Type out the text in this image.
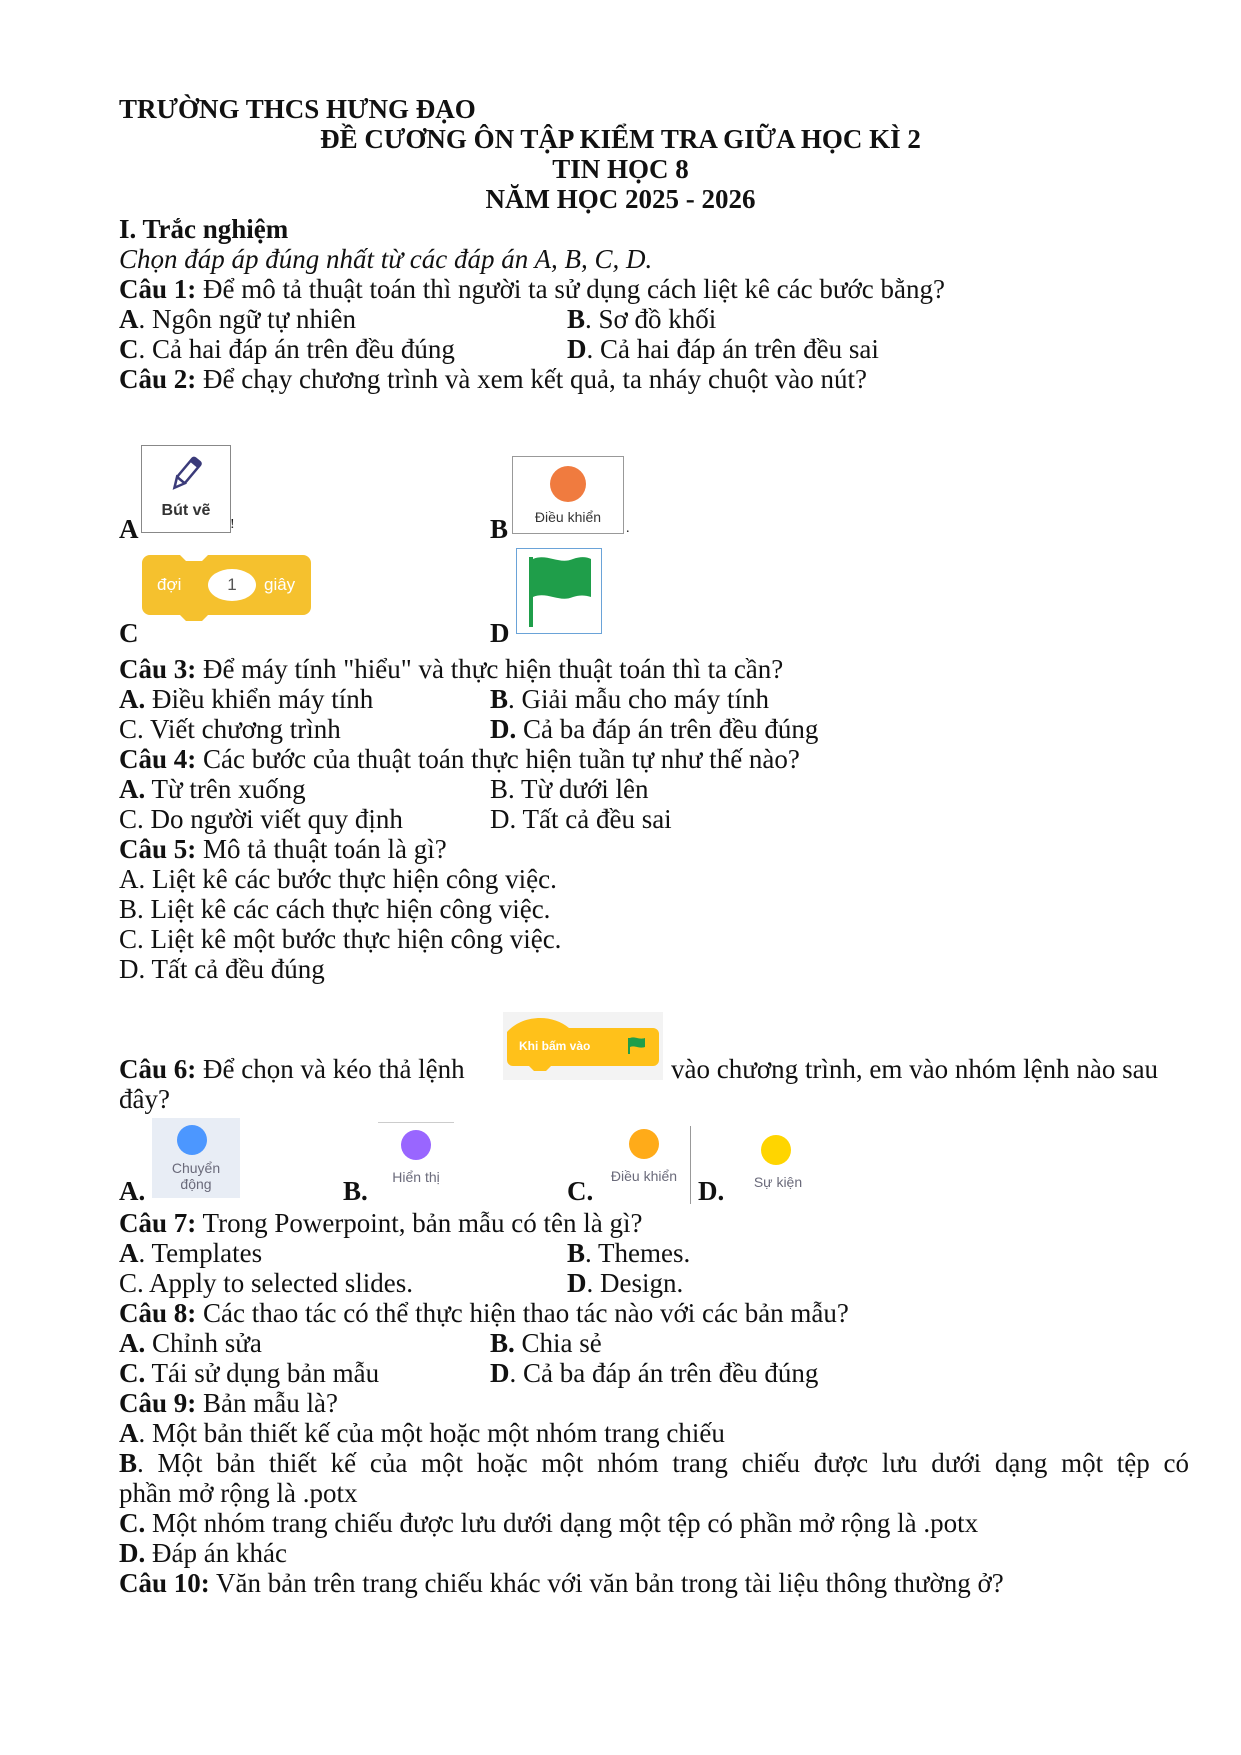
TRƯỜNG THCS HƯNG ĐẠO
ĐỀ CƯƠNG ÔN TẬP KIỂM TRA GIỮA HỌC KÌ 2
TIN HỌC 8
NĂM HỌC 2025 - 2026
I. Trắc nghiệm
Chọn đáp áp đúng nhất từ các đáp án A, B, C, D.
Câu 1: Để mô tả thuật toán thì người ta sử dụng cách liệt kê các bước bằng?
A. Ngôn ngữ tự nhiên	B. Sơ đồ khối
C. Cả hai đáp án trên đều đúng	D. Cả hai đáp án trên đều sai
Câu 2: Để chạy chương trình và xem kết quả, ta nháy chuột vào nút?
A
Bút vẽ
!	B	Điều khiển
.
đợi	1	giây
C	D
Câu 3: Để máy tính "hiểu" và thực hiện thuật toán thì ta cần?
A. Điều khiển máy tính	B. Giải mẫu cho máy tính
C. Viết chương trình	D. Cả ba đáp án trên đều đúng
Câu 4: Các bước của thuật toán thực hiện tuần tự như thế nào?
A. Từ trên xuống	B. Từ dưới lên
C. Do người viết quy định	D. Tất cả đều sai
Câu 5: Mô tả thuật toán là gì?
A. Liệt kê các bước thực hiện công việc.
B. Liệt kê các cách thực hiện công việc.
C. Liệt kê một bước thực hiện công việc.
D. Tất cả đều đúng
Câu 6: Để chọn và kéo thả lệnh
Khi bấm vào
vào chương trình, em vào nhóm lệnh nào sau
đây?
A.
Chuyển
động	B.	Hiển thị	C.	Điều khiển D.	Sự kiện
Câu 7: Trong Powerpoint, bản mẫu có tên là gì?
A. Templates	B. Themes.
C. Apply to selected slides.	D. Design.
Câu 8: Các thao tác có thể thực hiện thao tác nào với các bản mẫu?
A. Chỉnh sửa	B. Chia sẻ
C. Tái sử dụng bản mẫu	D. Cả ba đáp án trên đều đúng
Câu 9: Bản mẫu là?
A. Một bản thiết kế của một hoặc một nhóm trang chiếu
B. Một bản thiết kế của một hoặc một nhóm trang chiếu được lưu dưới dạng một tệp có
phần mở rộng là .potx
C. Một nhóm trang chiếu được lưu dưới dạng một tệp có phần mở rộng là .potx
D. Đáp án khác
Câu 10: Văn bản trên trang chiếu khác với văn bản trong tài liệu thông thường ở?
